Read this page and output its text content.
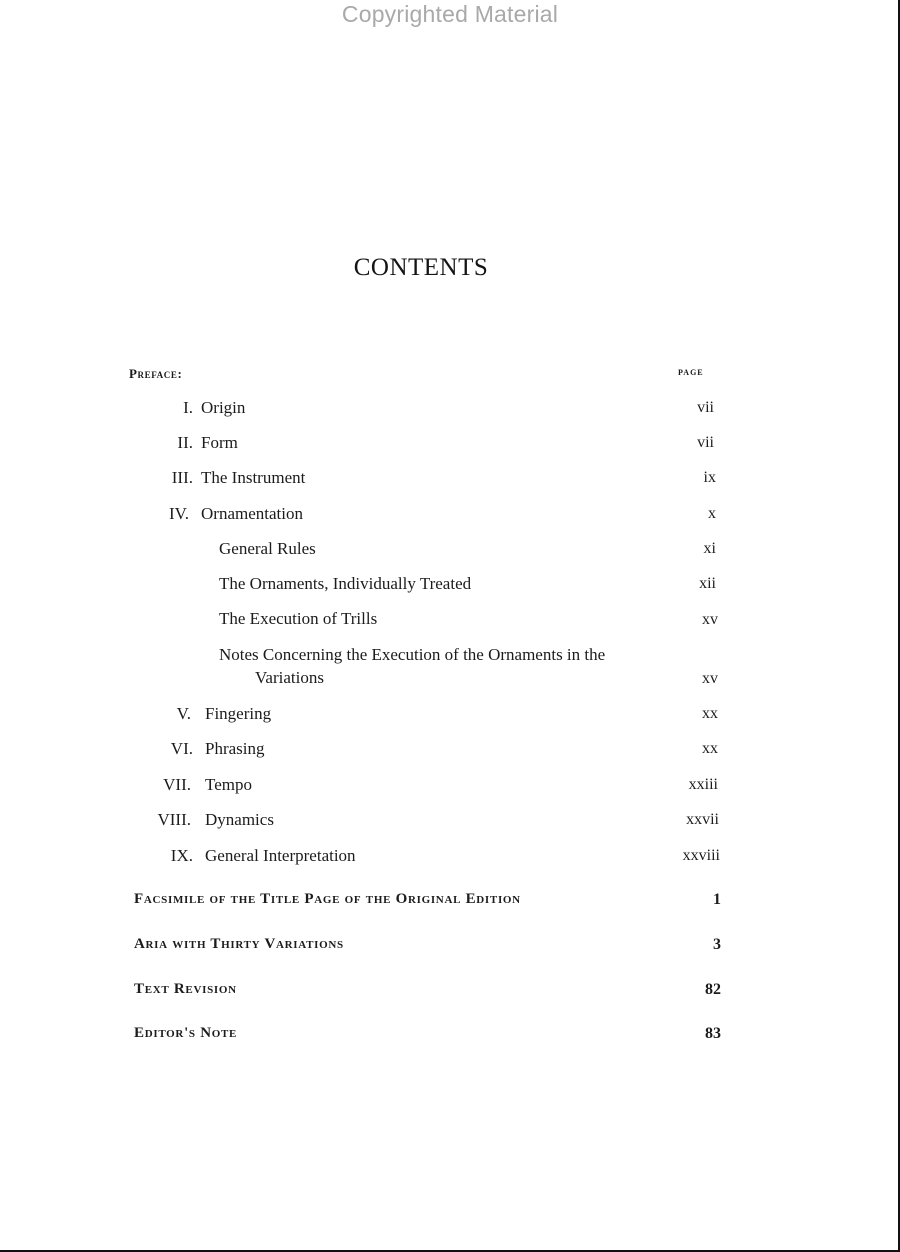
Copyrighted Material
CONTENTS
Preface:	page
I. Origin	vii
II. Form	vii
III. The Instrument	ix
IV. Ornamentation	x
General Rules	xi
The Ornaments, Individually Treated	xii
The Execution of Trills	xv
Notes Concerning the Execution of the Ornaments in the
Variations	xv
V. Fingering	xx
VI. Phrasing	xx
VII. Tempo	xxiii
VIII. Dynamics	xxvii
IX. General Interpretation	xxviii
Facsimile of the Title Page of the Original Edition	1
Aria with Thirty Variations	3
Text Revision	82
Editor's Note	83
